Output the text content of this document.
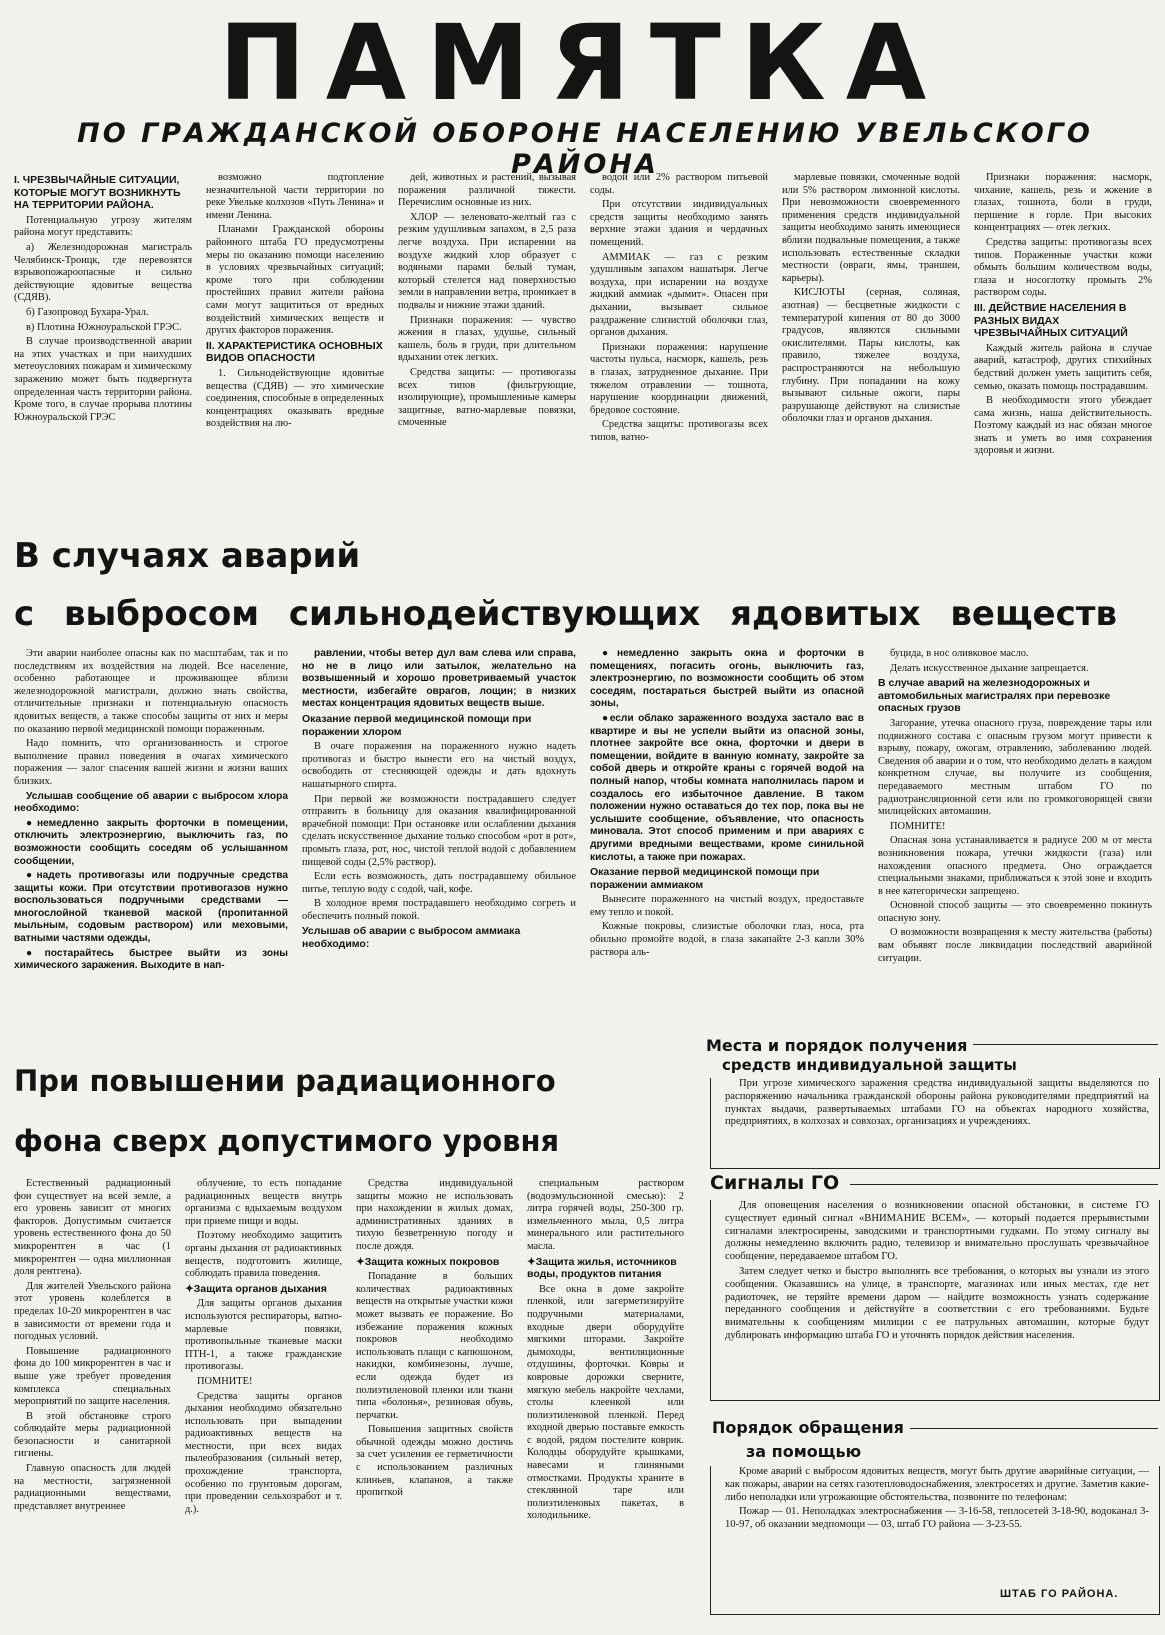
ПАМЯТКА
ПО ГРАЖДАНСКОЙ ОБОРОНЕ НАСЕЛЕНИЮ УВЕЛЬСКОГО РАЙОНА
I. ЧРЕЗВЫЧАЙНЫЕ СИТУАЦИИ, КОТОРЫЕ МОГУТ ВОЗНИКНУТЬ НА ТЕРРИТОРИИ РАЙОНА.

Потенциальную угрозу жителям района могут представить:

а) Железнодорожная магистраль Челябинск-Троицк, где перевозятся взрывопожароопасные и сильно действующие ядовитые вещества (СДЯВ).

б) Газопровод Бухара-Урал.

в) Плотина Южноуральской ГРЭС.

В случае производственной аварии на этих участках и при наихудших метеоусловиях пожарам и химическому заражению может быть подвергнута определенная часть территории района. Кроме того, в случае прорыва плотины Южноуральской ГРЭС

возможно подтопление незначительной части территории по реке Увельке колхозов «Путь Ленина» и имени Ленина.

Планами Гражданской обороны районного штаба ГО предусмотрены меры по оказанию помощи населению в условиях чрезвычайных ситуаций; кроме того при соблюдении простейших правил жители района сами могут защититься от вредных воздействий химических веществ и других факторов поражения.

II. ХАРАКТЕРИСТИКА ОСНОВНЫХ ВИДОВ ОПАСНОСТИ

1. Сильнодействующие ядовитые вещества (СДЯВ) — это химические соединения, способные в определенных концентрациях оказывать вредные воздействия на лю-

дей, животных и растений, вызывая поражения различной тяжести. Перечислим основные из них.

ХЛОР — зеленовато-желтый газ с резким удушливым запахом, в 2,5 раза легче воздуха. При испарении на воздухе жидкий хлор образует с водяными парами белый туман, который стелется над поверхностью земли в направлении ветра, проникает в подвалы и нижние этажи зданий.

Признаки поражения: — чувство жжения в глазах, удушье, сильный кашель, боль в груди, при длительном вдыхании отек легких.

Средства защиты: — противогазы всех типов (фильтрующие, изолирующие), промышленные камеры защитные, ватно-марлевые повязки, смоченные

водой или 2% раствором питьевой соды.

При отсутствии индивидуальных средств защиты необходимо занять верхние этажи здания и чердачных помещений.

АММИАК — газ с резким удушливым запахом нашатыря. Легче воздуха, при испарении на воздухе жидкий аммиак «дымит». Опасен при дыхании, вызывает сильное раздражение слизистой оболочки глаз, органов дыхания.

Признаки поражения: нарушение частоты пульса, насморк, кашель, резь в глазах, затрудненное дыхание. При тяжелом отравлении — тошнота, нарушение координации движений, бредовое состояние.

Средства защиты: противогазы всех типов, ватно-

марлевые повязки, смоченные водой или 5% раствором лимонной кислоты. При невозможности своевременного применения средств индивидуальной защиты необходимо занять имеющиеся вблизи подвальные помещения, а также использовать естественные складки местности (овраги, ямы, траншеи, карьеры).

КИСЛОТЫ (серная, соляная, азотная) — бесцветные жидкости с температурой кипения от 80 до 3000 градусов, являются сильными окислителями. Пары кислоты, как правило, тяжелее воздуха, распространяются на небольшую глубину. При попадании на кожу вызывают сильные ожоги, пары разрушающе действуют на слизистые оболочки глаз и органов дыхания.

Признаки поражения: насморк, чихание, кашель, резь и жжение в глазах, тошнота, боли в груди, першение в горле. При высоких концентрациях — отек легких.

Средства защиты: противогазы всех типов. Пораженные участки кожи обмыть большим количеством воды, глаза и носоглотку промыть 2% раствором соды.

III. ДЕЙСТВИЕ НАСЕЛЕНИЯ В РАЗНЫХ ВИДАХ ЧРЕЗВЫЧАЙНЫХ СИТУАЦИЙ

Каждый житель района в случае аварий, катастроф, других стихийных бедствий должен уметь защитить себя, семью, оказать помощь пострадавшим.

В необходимости этого убеждает сама жизнь, наша действительность. Поэтому каждый из нас обязан многое знать и уметь во имя сохранения здоровья и жизни.

В случаях аварий
с выбросом сильнодействующих ядовитых веществ

Эти аварии наиболее опасны как по масштабам, так и по последствиям их воздействия на людей. Все население, особенно работающее и проживающее вблизи железнодорожной магистрали, должно знать свойства, отличительные признаки и потенциальную опасность ядовитых веществ, а также способы защиты от них и меры по оказанию первой медицинской помощи пораженным.

Надо помнить, что организованность и строгое выполнение правил поведения в очагах химического поражения — залог спасения вашей жизни и жизни ваших близких.

Услышав сообщение об аварии с выбросом хлора необходимо:

●немедленно закрыть форточки в помещении, отключить электроэнергию, выключить газ, по возможности сообщить соседям об услышанном сообщении,

●надеть противогазы или подручные средства защиты кожи. При отсутствии противогазов нужно воспользоваться подручными средствами — многослойной тканевой маской (пропитанной мыльным, содовым раствором) или меховыми, ватными частями одежды,

●постарайтесь быстрее выйти из зоны химического заражения. Выходите в нап-

равлении, чтобы ветер дул вам слева или справа, но не в лицо или затылок, желательно на возвышенный и хорошо проветриваемый участок местности, избегайте оврагов, лощин; в низких местах концентрация ядовитых веществ выше.

Оказание первой медицинской помощи при поражении хлором

В очаге поражения на пораженного нужно надеть противогаз и быстро вынести его на чистый воздух, освободить от стесняющей одежды и дать вдохнуть нашатырного спирта.

При первой же возможности пострадавшего следует отправить в больницу для оказания квалифицированной врачебной помощи: При остановке или ослаблении дыхания сделать искусственное дыхание только способом «рот в рот», промыть глаза, рот, нос, чистой теплой водой с добавлением пищевой соды (2,5% раствор).

Если есть возможность, дать пострадавшему обильное питье, теплую воду с содой, чай, кофе.

В холодное время пострадавшего необходимо согреть и обеспечить полный покой.

Услышав об аварии с выбросом аммиака необходимо:

●немедленно закрыть окна и форточки в помещениях, погасить огонь, выключить газ, электроэнергию, по возможности сообщить об этом соседям, постараться быстрей выйти из опасной зоны,

●если облако зараженного воздуха застало вас в квартире и вы не успели выйти из опасной зоны, плотнее закройте все окна, форточки и двери в помещении, войдите в ванную комнату, закройте за собой дверь и откройте краны с горячей водой на полный напор, чтобы комната наполнилась паром и создалось его избыточное давление. В таком положении нужно оставаться до тех пор, пока вы не услышите сообщение, объявление, что опасность миновала. Этот способ применим и при авариях с другими вредными веществами, кроме синильной кислоты, а также при пожарах.

Оказание первой медицинской помощи при поражении аммиаком

Вынесите пораженного на чистый воздух, предоставьте ему тепло и покой.

Кожные покровы, слизистые оболочки глаз, носа, рта обильно промойте водой, в глаза закапайте 2-3 капли 30% раствора аль-

буцида, в нос оливковое масло.

Делать искусственное дыхание запрещается.

В случае аварий на железнодорожных и автомобильных магистралях при перевозке опасных грузов

Загорание, утечка опасного груза, повреждение тары или подвижного состава с опасным грузом могут привести к взрыву, пожару, ожогам, отравлению, заболеванию людей. Сведения об аварии и о том, что необходимо делать в каждом конкретном случае, вы получите из сообщения, передаваемого местным штабом ГО по радиотрансляционной сети или по громкоговорящей связи милицейских автомашин.

ПОМНИТЕ!

Опасная зона устанавливается в радиусе 200 м от места возникновения пожара, утечки жидкости (газа) или нахождения опасного предмета. Оно ограждается специальными знаками, приближаться к этой зоне и входить в нее категорически запрещено.

Основной способ защиты — это своевременно покинуть опасную зону.

О возможности возвращения к месту жительства (работы) вам объявят после ликвидации последствий аварийной ситуации.

При повышении радиационного
фона сверх допустимого уровня

Естественный радиационный фон существует на всей земле, а его уровень зависит от многих факторов. Допустимым считается уровень естественного фона до 50 микрорентген в час (1 микрорентген — одна миллионная доля рентгена).

Для жителей Увельского района этот уровень колеблется в пределах 10-20 микрорентген в час в зависимости от времени года и погодных условий.

Повышение радиационного фона до 100 микрорентген в час и выше уже требует проведения комплекса специальных мероприятий по защите населения.

В этой обстановке строго соблюдайте меры радиационной безопасности и санитарной гигиены.

Главную опасность для людей на местности, загрязненной радиационными веществами, представляет внутреннее

облучение, то есть попадание радиационных веществ внутрь организма с вдыхаемым воздухом при приеме пищи и воды.

Поэтому необходимо защитить органы дыхания от радиоактивных веществ, подготовить жилище, соблюдать правила поведения.

✦Защита органов дыхания

Для защиты органов дыхания используются респираторы, ватно-марлевые повязки, противопыльные тканевые маски ПТН-1, а также гражданские противогазы.

ПОМНИТЕ!

Средства защиты органов дыхания необходимо обязательно использовать при выпадении радиоактивных веществ на местности, при всех видах пылеобразования (сильный ветер, прохождение транспорта, особенно по грунтовым дорогам, при проведении сельхозработ и т. д.).

Средства индивидуальной защиты можно не использовать при нахождении в жилых домах, административных зданиях в тихую безветренную погоду и после дождя.

✦Защита кожных покровов

Попадание в больших количествах радиоактивных веществ на открытые участки кожи может вызвать ее поражение. Во избежание поражения кожных покровов необходимо использовать плащи с капюшоном, накидки, комбинезоны, лучше, если одежда будет из полиэтиленовой пленки или ткани типа «болонья», резиновая обувь, перчатки.

Повышения защитных свойств обычной одежды можно достичь за счет усиления ее герметичности с использованием различных клиньев, клапанов, а также пропиткой

специальным раствором (водоэмульсионной смесью): 2 литра горячей воды, 250-300 гр. измельченного мыла, 0,5 литра минерального или растительного масла.

✦Защита жилья, источников воды, продуктов питания

Все окна в доме закройте пленкой, или загерметизируйте подручными материалами, входные двери оборудуйте мягкими шторами. Закройте дымоходы, вентиляционные отдушины, форточки. Ковры и ковровые дорожки сверните, мягкую мебель накройте чехлами, столы клеенкой или полиэтиленовой пленкой. Перед входной дверью поставьте емкость с водой, рядом постелите коврик. Колодцы оборудуйте крышками, навесами и глиняными отмостками. Продукты храните в стеклянной таре или полиэтиленовых пакетах, в холодильнике.

Места и порядок получения
средств индивидуальной защиты

При угрозе химического заражения средства индивидуальной защиты выделяются по распоряжению начальника гражданской обороны района руководителями предприятий на пунктах выдачи, развертываемых штабами ГО на объектах народного хозяйства, предприятиях, в колхозах и совхозах, организациях и учреждениях.

Сигналы ГО

Для оповещения населения о возникновении опасной обстановки, в системе ГО существует единый сигнал «ВНИМАНИЕ ВСЕМ», — который подается прерывистыми сигналами электросирены, заводскими и транспортными гудками. По этому сигналу вы должны немедленно включить радио, телевизор и внимательно прослушать чрезвычайное сообщение, передаваемое штабом ГО.

Затем следует четко и быстро выполнять все требования, о которых вы узнали из этого сообщения. Оказавшись на улице, в транспорте, магазинах или иных местах, где нет радиоточек, не теряйте времени даром — найдите возможность узнать содержание переданного сообщения и действуйте в соответствии с его требованиями. Будьте внимательны к сообщениям милиции с ее патрульных автомашин, которые будут дублировать информацию штаба ГО и уточнять порядок действия населения.

Порядок обращения
за помощью

Кроме аварий с выбросом ядовитых веществ, могут быть другие аварийные ситуации, — как пожары, аварии на сетях газотепловодоснабжения, электросетях и другие. Заметив какие-либо неполадки или угрожающие обстоятельства, позвоните по телефонам:

Пожар — 01. Неполадках электроснабжения — 3-16-58, теплосетей 3-18-90, водоканал 3-10-97, об оказании медпомощи — 03, штаб ГО района — 3-23-55.

ШТАБ ГО РАЙОНА.
